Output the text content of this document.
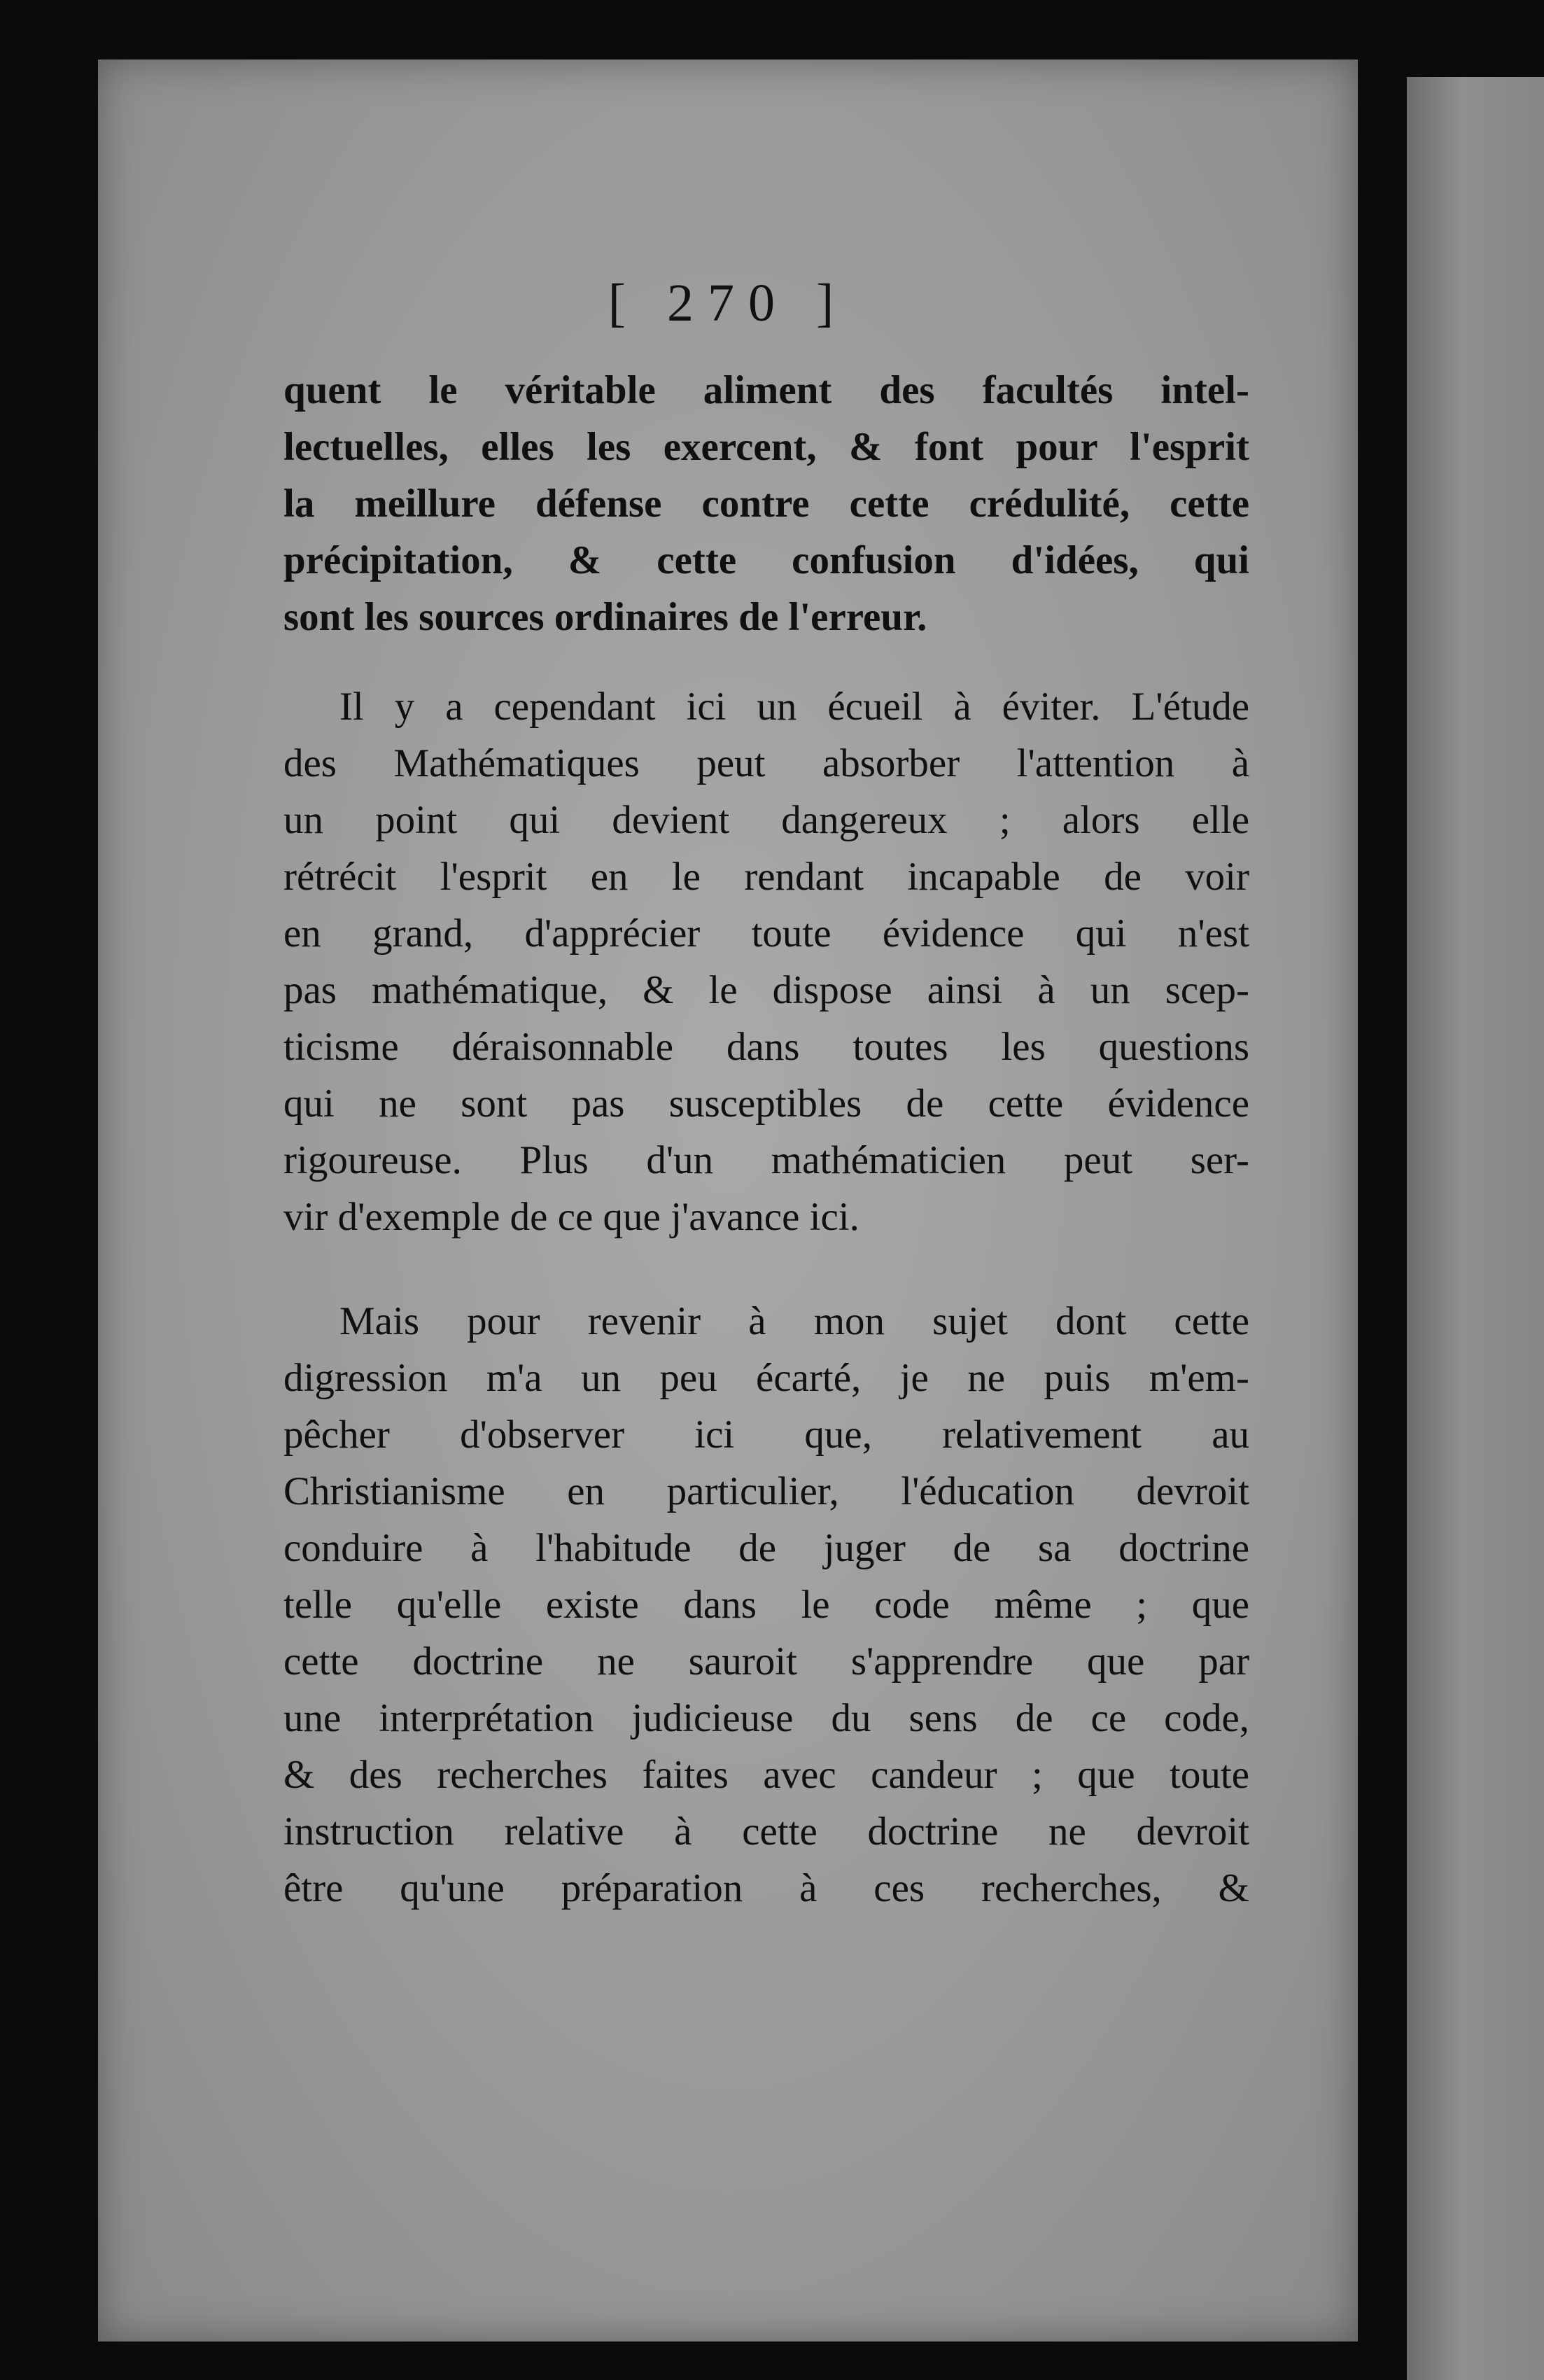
[ 270 ]
quent le véritable aliment des facultés intel-
lectuelles, elles les exercent, & font pour l'esprit
la meillure défense contre cette crédulité, cette
précipitation, & cette confusion d'idées, qui
sont les sources ordinaires de l'erreur.
Il y a cependant ici un écueil à éviter. L'étude
des Mathématiques peut absorber l'attention à
un point qui devient dangereux ; alors elle
rétrécit l'esprit en le rendant incapable de voir
en grand, d'apprécier toute évidence qui n'est
pas mathématique, & le dispose ainsi à un scep-
ticisme déraisonnable dans toutes les questions
qui ne sont pas susceptibles de cette évidence
rigoureuse. Plus d'un mathématicien peut ser-
vir d'exemple de ce que j'avance ici.
Mais pour revenir à mon sujet dont cette
digression m'a un peu écarté, je ne puis m'em-
pêcher d'observer ici que, relativement au
Christianisme en particulier, l'éducation devroit
conduire à l'habitude de juger de sa doctrine
telle qu'elle existe dans le code même ; que
cette doctrine ne sauroit s'apprendre que par
une interprétation judicieuse du sens de ce code,
& des recherches faites avec candeur ; que toute
instruction relative à cette doctrine ne devroit
être qu'une préparation à ces recherches, &
